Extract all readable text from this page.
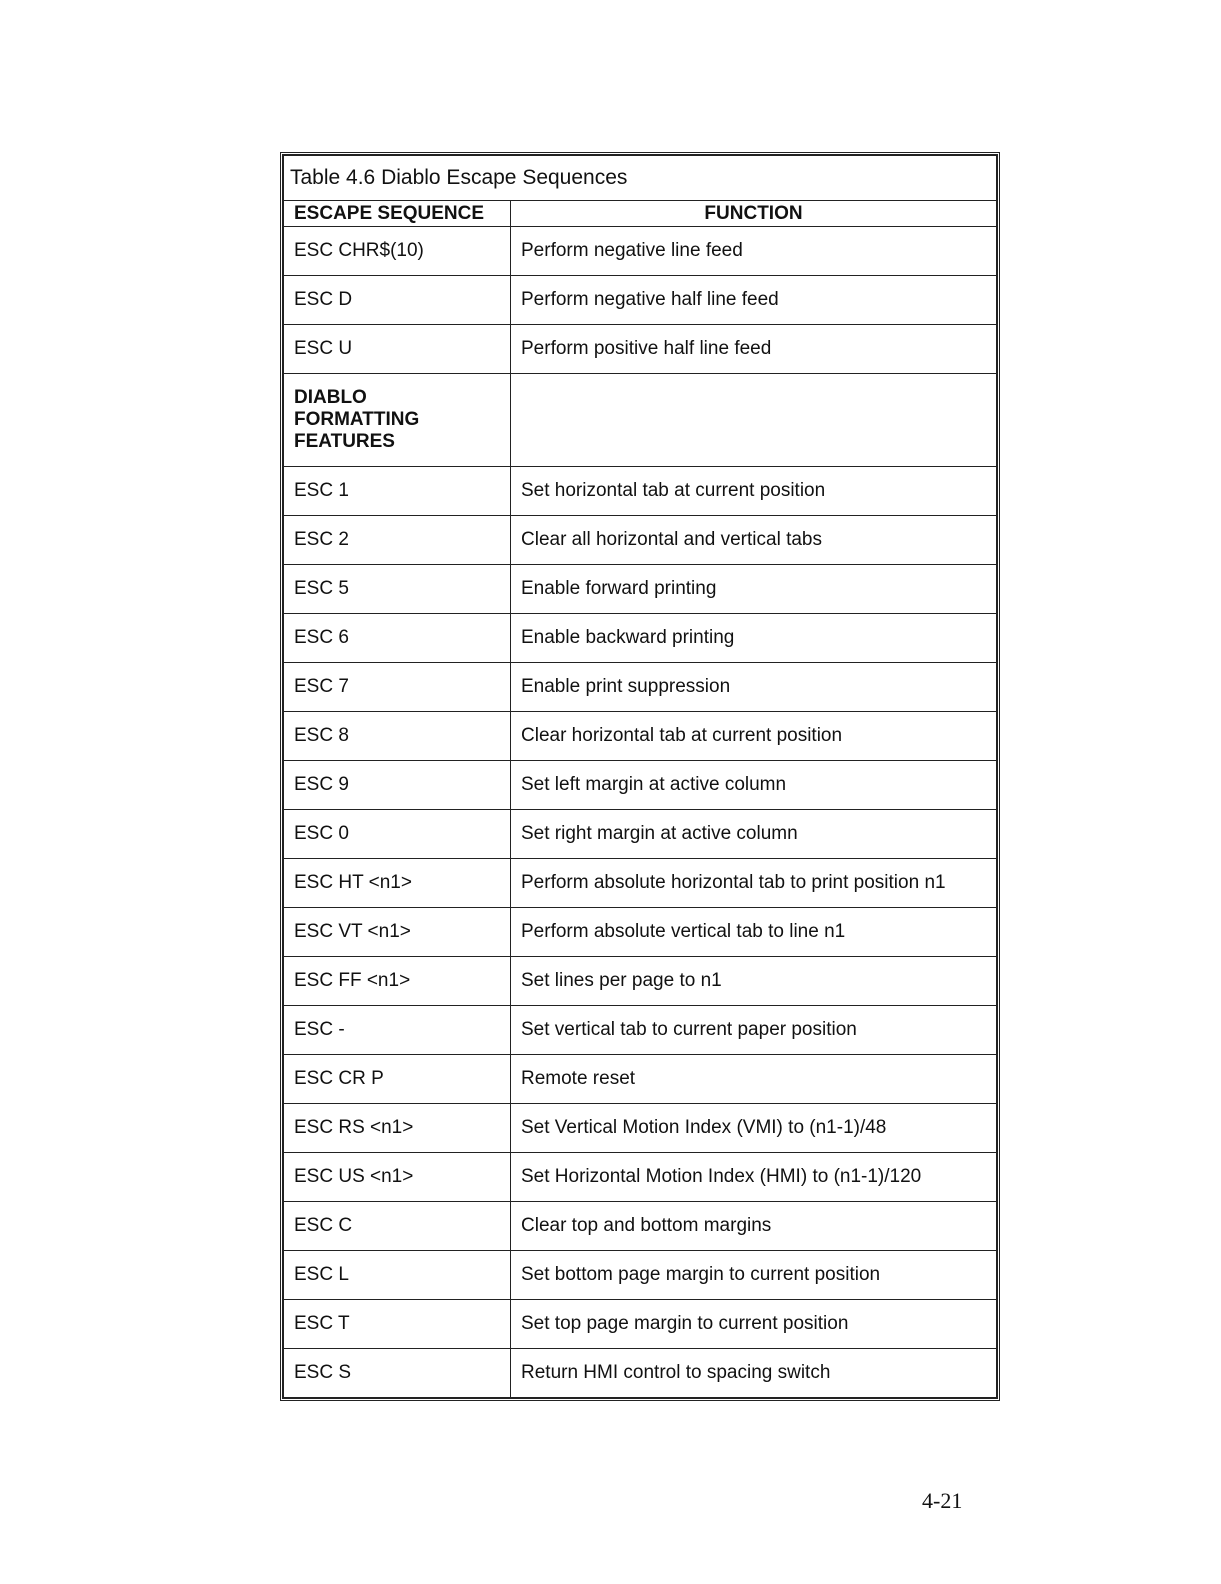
Table 4.6 Diablo Escape Sequences	
ESCAPE SEQUENCE	FUNCTION
ESC CHR$(10)	Perform negative line feed
ESC D	Perform negative half line feed
ESC U	Perform positive half line feed

DIABLO
FORMATTING
FEATURES	

ESC 1	Set horizontal tab at current position
ESC 2	Clear all horizontal and vertical tabs
ESC 5	Enable forward printing
ESC 6	Enable backward printing
ESC 7	Enable print suppression
ESC 8	Clear horizontal tab at current position
ESC 9	Set left margin at active column
ESC 0	Set right margin at active column
ESC HT <n1>	Perform absolute horizontal tab to print position n1
ESC VT <n1>	Perform absolute vertical tab to line n1
ESC FF <n1>	Set lines per page to n1
ESC -	Set vertical tab to current paper position
ESC CR P	Remote reset
ESC RS <n1>	Set Vertical Motion Index (VMI) to (n1-1)/48
ESC US <n1>	Set Horizontal Motion Index (HMI) to (n1-1)/120
ESC C	Clear top and bottom margins
ESC L	Set bottom page margin to current position
ESC T	Set top page margin to current position
ESC S	Return HMI control to spacing switch
4-21
